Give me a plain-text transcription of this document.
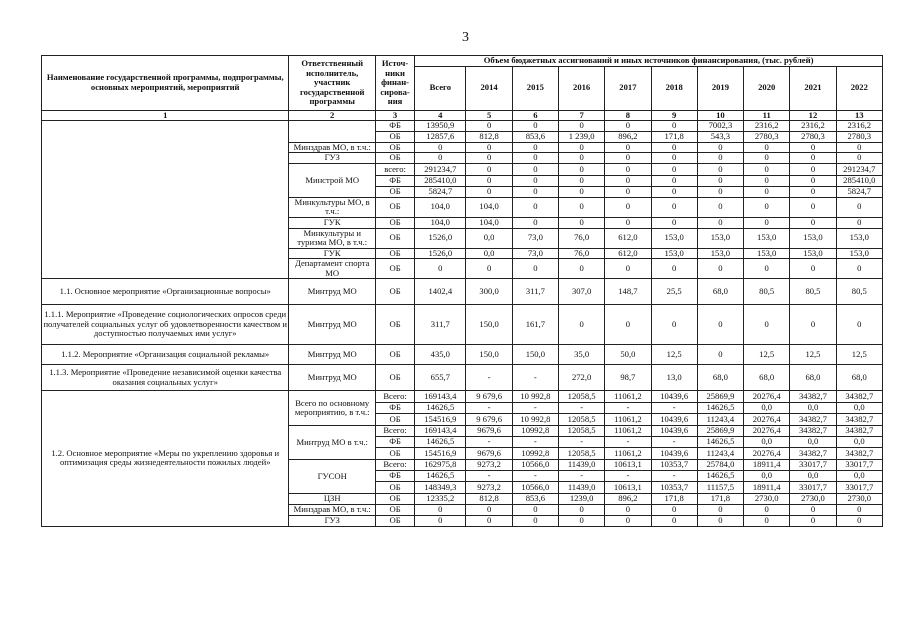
3
Наименование государственной программы, подпрограммы, основных мероприятий, мероприятий	Ответственный исполнитель, участник государственной программы	Источ-ники финан-сирова-ния	Объем бюджетных ассигнований и иных источников финансирования, (тыс. рублей)									
			Всего	2014	2015	2016	2017	2018	2019	2020	2021	2022
1	2	3	4	5	6	7	8	9	10	11	12	13
		ФБ	13950,9	0	0	0	0	0	7002,3	2316,2	2316,2	2316,2
		ОБ	12857,6	812,8	853,6	1 239,0	896,2	171,8	543,3	2780,3	2780,3	2780,3
	Минздрав МО, в т.ч.:	ОБ	0	0	0	0	0	0	0	0	0	0
	ГУЗ	ОБ	0	0	0	0	0	0	0	0	0	0
	Минстрой МО	всего:	291234,7	0	0	0	0	0	0	0	0	291234,7
		ФБ	285410,0	0	0	0	0	0	0	0	0	285410,0
		ОБ	5824,7	0	0	0	0	0	0	0	0	5824,7
	Минкультуры МО, в т.ч.:	ОБ	104,0	104,0	0	0	0	0	0	0	0	0
	ГУК	ОБ	104,0	104,0	0	0	0	0	0	0	0	0
	Минкультуры и туризма МО, в т.ч.:	ОБ	1526,0	0,0	73,0	76,0	612,0	153,0	153,0	153,0	153,0	153,0
	ГУК	ОБ	1526,0	0,0	73,0	76,0	612,0	153,0	153,0	153,0	153,0	153,0
	Департамент спорта МО	ОБ	0	0	0	0	0	0	0	0	0	0
1.1. Основное мероприятие «Организационные вопросы»	Минтруд МО	ОБ	1402,4	300,0	311,7	307,0	148,7	25,5	68,0	80,5	80,5	80,5
1.1.1. Мероприятие «Проведение социологических опросов среди получателей социальных услуг об удовлетворенности качеством и доступностью получаемых ими услуг»	Минтруд МО	ОБ	311,7	150,0	161,7	0	0	0	0	0	0	0
1.1.2. Мероприятие «Организация социальной рекламы»	Минтруд МО	ОБ	435,0	150,0	150,0	35,0	50,0	12,5	0	12,5	12,5	12,5
1.1.3. Мероприятие «Проведение независимой оценки качества оказания социальных услуг»	Минтруд МО	ОБ	655,7	-	-	272,0	98,7	13,0	68,0	68,0	68,0	68,0
1.2. Основное мероприятие «Меры по укреплению здоровья и оптимизация среды жизнедеятельности пожилых людей»	Всего по основному мероприятию, в т.ч.:	Всего:	169143,4	9 679,6	10 992,8	12058,5	11061,2	10439,6	25869,9	20276,4	34382,7	34382,7
		ФБ	14626,5	-	-	-	-	-	14626,5	0,0	0,0	0,0
		ОБ	154516,9	9 679,6	10 992,8	12058,5	11061,2	10439,6	11243,4	20276,4	34382,7	34382,7
	Минтруд МО в т.ч.:	Всего:	169143,4	9679,6	10992,8	12058,5	11061,2	10439,6	25869,9	20276,4	34382,7	34382,7
		ФБ	14626,5	-	-	-	-	-	14626,5	0,0	0,0	0,0
		ОБ	154516,9	9679,6	10992,8	12058,5	11061,2	10439,6	11243,4	20276,4	34382,7	34382,7
	ГУСОН	Всего:	162975,8	9273,2	10566,0	11439,0	10613,1	10353,7	25784,0	18911,4	33017,7	33017,7
		ФБ	14626,5	-	-	-	-	-	14626,5	0,0	0,0	0,0
		ОБ	148349,3	9273,2	10566,0	11439,0	10613,1	10353,7	11157,5	18911,4	33017,7	33017,7
	ЦЗН	ОБ	12335,2	812,8	853,6	1239,0	896,2	171,8	171,8	2730,0	2730,0	2730,0
	Минздрав МО, в т.ч.:	ОБ	0	0	0	0	0	0	0	0	0	0
	ГУЗ	ОБ	0	0	0	0	0	0	0	0	0	0
